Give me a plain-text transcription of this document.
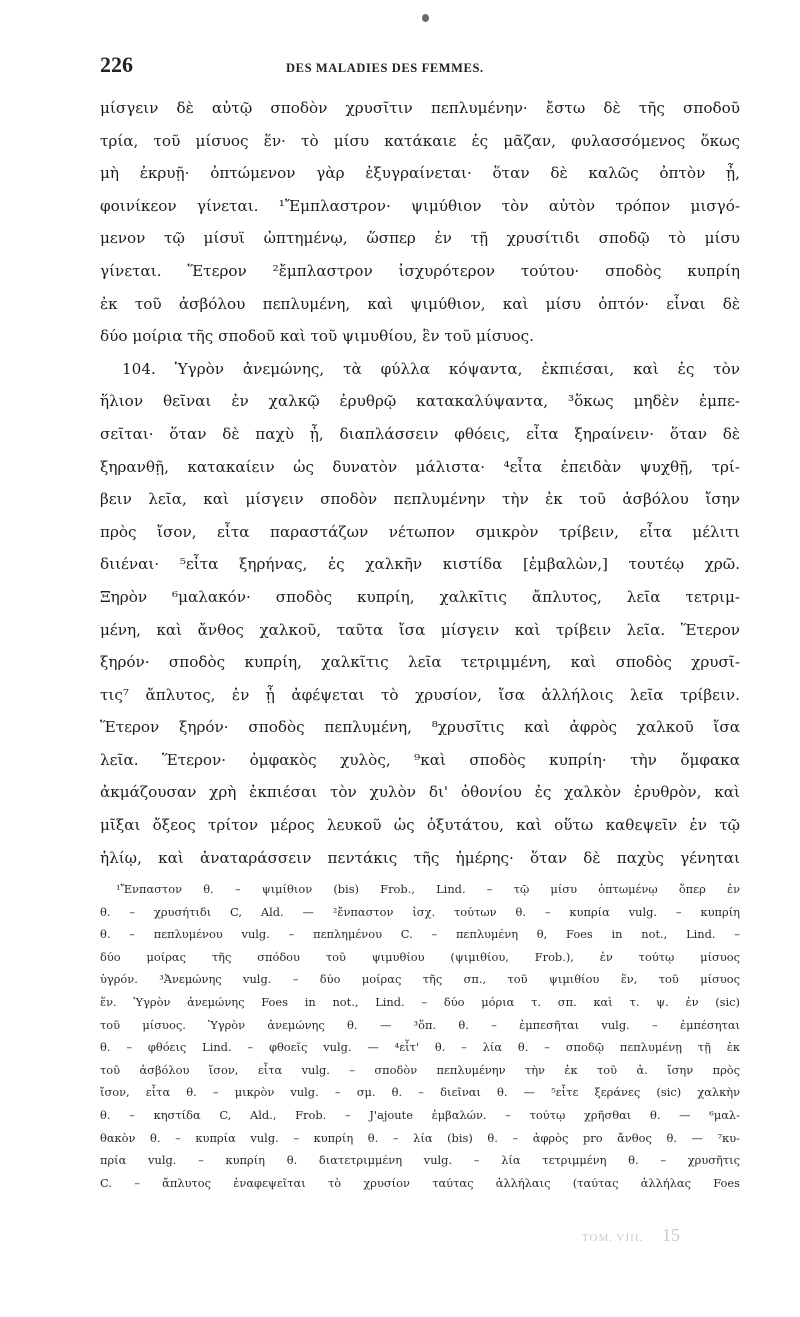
226	DES MALADIES DES FEMMES.
μίσγειν δὲ αὐτῷ σποδὸν χρυσῖτιν πεπλυμένην· ἔστω δὲ τῆς σποδοῦ
τρία, τοῦ μίσυος ἕν· τὸ μίσυ κατάκαιε ἐς μᾶζαν, φυλασσόμενος ὅκως
μὴ ἐκρυῇ· ὀπτώμενον γὰρ ἐξυγραίνεται· ὅταν δὲ καλῶς ὀπτὸν ᾖ,
φοινίκεον γίνεται. ¹Ἔμπλαστρον· ψιμύθιον τὸν αὐτὸν τρόπον μισγό-
μενον τῷ μίσυϊ ὠπτημένῳ, ὥσπερ ἐν τῇ χρυσίτιδι σποδῷ τὸ μίσυ
γίνεται. Ἕτερον ²ἔμπλαστρον ἰσχυρότερον τούτου· σποδὸς κυπρίη
ἐκ τοῦ ἀσβόλου πεπλυμένη, καὶ ψιμύθιον, καὶ μίσυ ὀπτόν· εἶναι δὲ
δύο μοίρια τῆς σποδοῦ καὶ τοῦ ψιμυθίου, ἓν τοῦ μίσυος.
104. Ὑγρὸν ἀνεμώνης, τὰ φύλλα κόψαντα, ἐκπιέσαι, καὶ ἐς τὸν
ἥλιον θεῖναι ἐν χαλκῷ ἐρυθρῷ κατακαλύψαντα, ³ὅκως μηδὲν ἐμπε-
σεῖται· ὅταν δὲ παχὺ ᾖ, διαπλάσσειν φθόεις, εἶτα ξηραίνειν· ὅταν δὲ
ξηρανθῇ, κατακαίειν ὡς δυνατὸν μάλιστα· ⁴εἶτα ἐπειδὰν ψυχθῇ, τρί-
βειν λεῖα, καὶ μίσγειν σποδὸν πεπλυμένην τὴν ἐκ τοῦ ἀσβόλου ἴσην
πρὸς ἴσον, εἶτα παραστάζων νέτωπον σμικρὸν τρίβειν, εἶτα μέλιτι
διιέναι· ⁵εἶτα ξηρήνας, ἐς χαλκῆν κιστίδα [ἐμβαλὼν,] τουτέῳ χρῶ.
Ξηρὸν ⁶μαλακόν· σποδὸς κυπρίη, χαλκῖτις ἄπλυτος, λεῖα τετριμ-
μένη, καὶ ἄνθος χαλκοῦ, ταῦτα ἴσα μίσγειν καὶ τρίβειν λεῖα. Ἕτερον
ξηρόν· σποδὸς κυπρίη, χαλκῖτις λεῖα τετριμμένη, καὶ σποδὸς χρυσῖ-
τις⁷ ἄπλυτος, ἐν ᾗ ἀφέψεται τὸ χρυσίον, ἴσα ἀλλήλοις λεῖα τρίβειν.
Ἕτερον ξηρόν· σποδὸς πεπλυμένη, ⁸χρυσῖτις καὶ ἀφρὸς χαλκοῦ ἴσα
λεῖα. Ἕτερον· ὀμφακὸς χυλὸς, ⁹καὶ σποδὸς κυπρίη· τὴν ὄμφακα
ἀκμάζουσαν χρὴ ἐκπιέσαι τὸν χυλὸν δι' ὀθονίου ἐς χαλκὸν ἐρυθρὸν, καὶ
μῖξαι ὄξεος τρίτον μέρος λευκοῦ ὡς ὀξυτάτου, καὶ οὕτω καθεψεῖν ἐν τῷ
ἡλίῳ, καὶ ἀναταράσσειν πεντάκις τῆς ἡμέρης· ὅταν δὲ παχὺς γένηται
¹Ἔνπαστον θ. – ψιμίθιον (bis) Frob., Lind. – τῷ μίσυ ὀπτωμένῳ ὅπερ ἐν
θ. – χρυσήτιδι C, Ald. — ²ἔνπαστον ἰσχ. τούτων θ. – κυπρία vulg. – κυπρίη
θ. – πεπλυμένου vulg. – πεπλημένου C. – πεπλυμένη θ, Foes in not., Lind. –
δύο μοίρας τῆς σπόδου τοῦ ψιμυθίου (ψιμιθίου, Frob.), ἐν τούτῳ μίσυος
ὑγρόν. ³Ἀνεμώνης vulg. – δύο μοίρας τῆς σπ., τοῦ ψιμιθίου ἕν, τοῦ μίσυος
ἕν. Ὑγρὸν ἀνεμώνης Foes in not., Lind. – δύο μόρια τ. σπ. καὶ τ. ψ. ἐν (sic)
τοῦ μίσυος. Ὑγρὸν ἀνεμώνης θ. — ³ὅπ. θ. – ἐμπεσῆται vulg. – ἐμπέσηται
θ. – φθόεις Lind. – φθοεῖς vulg. — ⁴εἶτ' θ. – λία θ. – σποδῷ πεπλυμένῃ τῇ ἐκ
τοῦ ἀσβόλου ἴσον, εἶτα vulg. – σποδὸν πεπλυμένην τὴν ἐκ τοῦ ἀ. ἴσην πρὸς
ἴσον, εἶτα θ. – μικρὸν vulg. – σμ. θ. – διεῖναι θ. — ⁵εἶτε ξεράνες (sic) χαλκὴν
θ. – κηστίδα C, Ald., Frob. – J'ajoute ἐμβαλών. – τούτῳ χρῆσθαι θ. — ⁶μαλ-
θακὸν θ. – κυπρία vulg. – κυπρίη θ. – λία (bis) θ. – ἀφρὸς pro ἄνθος θ. — ⁷κυ-
πρία vulg. – κυπρίη θ. διατετριμμένη vulg. – λία τετριμμένη θ. – χρυσῆτις
C. – ἄπλυτος ἐναφεψεῖται τὸ χρυσίον ταύτας ἀλλήλαις (ταύτας ἀλλήλας Foes
TOM. VIII. 15
